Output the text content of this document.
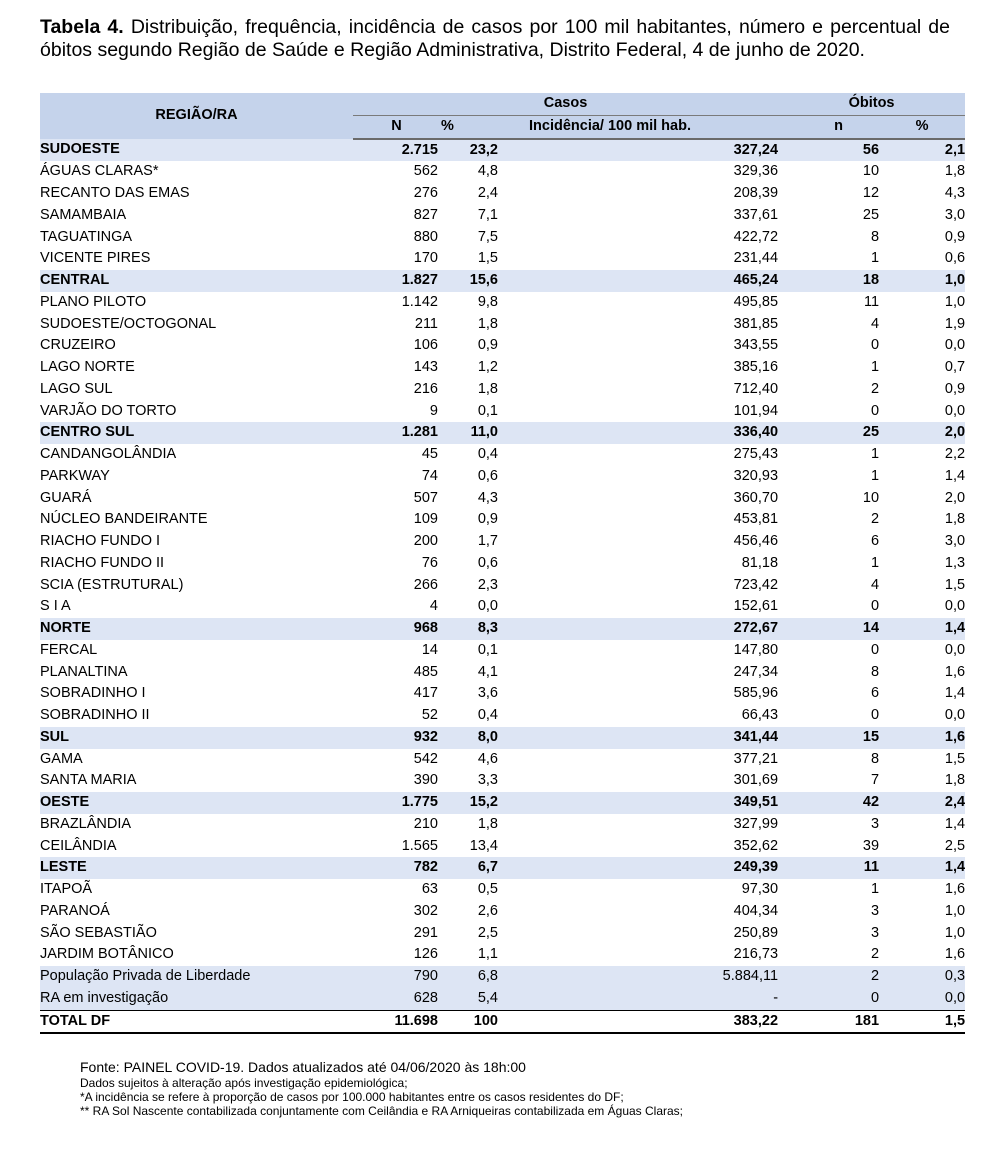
Tabela 4. Distribuição, frequência, incidência de casos por 100 mil habitantes, número e percentual de óbitos segundo Região de Saúde e Região Administrativa, Distrito Federal, 4 de junho de 2020.
REGIÃO/RA	Casos			Óbitos	
	N	%	Incidência/ 100 mil hab.	n	%
SUDOESTE	2.715	23,2	327,24	56	2,1
ÁGUAS CLARAS*	562	4,8	329,36	10	1,8
RECANTO DAS EMAS	276	2,4	208,39	12	4,3
SAMAMBAIA	827	7,1	337,61	25	3,0
TAGUATINGA	880	7,5	422,72	8	0,9
VICENTE PIRES	170	1,5	231,44	1	0,6
CENTRAL	1.827	15,6	465,24	18	1,0
PLANO PILOTO	1.142	9,8	495,85	11	1,0
SUDOESTE/OCTOGONAL	211	1,8	381,85	4	1,9
CRUZEIRO	106	0,9	343,55	0	0,0
LAGO NORTE	143	1,2	385,16	1	0,7
LAGO SUL	216	1,8	712,40	2	0,9
VARJÃO DO TORTO	9	0,1	101,94	0	0,0
CENTRO SUL	1.281	11,0	336,40	25	2,0
CANDANGOLÂNDIA	45	0,4	275,43	1	2,2
PARKWAY	74	0,6	320,93	1	1,4
GUARÁ	507	4,3	360,70	10	2,0
NÚCLEO BANDEIRANTE	109	0,9	453,81	2	1,8
RIACHO FUNDO I	200	1,7	456,46	6	3,0
RIACHO FUNDO II	76	0,6	81,18	1	1,3
SCIA (ESTRUTURAL)	266	2,3	723,42	4	1,5
S I A	4	0,0	152,61	0	0,0
NORTE	968	8,3	272,67	14	1,4
FERCAL	14	0,1	147,80	0	0,0
PLANALTINA	485	4,1	247,34	8	1,6
SOBRADINHO I	417	3,6	585,96	6	1,4
SOBRADINHO II	52	0,4	66,43	0	0,0
SUL	932	8,0	341,44	15	1,6
GAMA	542	4,6	377,21	8	1,5
SANTA MARIA	390	3,3	301,69	7	1,8
OESTE	1.775	15,2	349,51	42	2,4
BRAZLÂNDIA	210	1,8	327,99	3	1,4
CEILÂNDIA	1.565	13,4	352,62	39	2,5
LESTE	782	6,7	249,39	11	1,4
ITAPOÃ	63	0,5	97,30	1	1,6
PARANOÁ	302	2,6	404,34	3	1,0
SÃO SEBASTIÃO	291	2,5	250,89	3	1,0
JARDIM BOTÂNICO	126	1,1	216,73	2	1,6
População Privada de Liberdade	790	6,8	5.884,11	2	0,3
RA em investigação	628	5,4	-	0	0,0
TOTAL DF	11.698	100	383,22	181	1,5
Fonte: PAINEL COVID-19. Dados atualizados até 04/06/2020 às 18h:00
Dados sujeitos à alteração após investigação epidemiológica;
*A incidência se refere à proporção de casos por 100.000 habitantes entre os casos residentes do DF;
** RA Sol Nascente contabilizada conjuntamente com Ceilândia e RA Arniqueiras contabilizada em Águas Claras;
